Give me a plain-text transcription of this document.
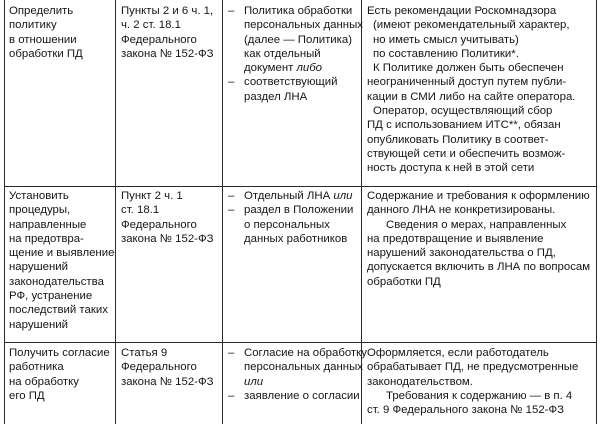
Определить
политику
в отношении
обработки ПД
Пункты 2 и 6 ч. 1,
ч. 2 ст. 18.1
Федерального
закона № 152-ФЗ
– Политика обработки
персональных данных
(далее — Политика)
как отдельный
документ либо
– соответствующий
раздел ЛНА
Есть рекомендации Роскомнадзора
(имеют рекомендательный характер,
но иметь смысл учитывать)
по составлению Политики*.
К Политике должен быть обеспечен
неограниченный доступ путем публи-
кации в СМИ либо на сайте оператора.
Оператор, осуществляющий сбор
ПД с использованием ИТС**, обязан
опубликовать Политику в соответ-
ствующей сети и обеспечить возмож-
ность доступа к ней в этой сети
Установить
процедуры,
направленные
на предотвра-
щение и выявление
нарушений
законодательства
РФ, устранение
последствий таких
нарушений
Пункт 2 ч. 1
ст. 18.1
Федерального
закона № 152-ФЗ
– Отдельный ЛНА или
– раздел в Положении
о персональных
данных работников
Содержание и требования к оформлению
данного ЛНА не конкретизированы.
Сведения о мерах, направленных
на предотвращение и выявление
нарушений законодательства о ПД,
допускается включить в ЛНА по вопросам
обработки ПД
Получить согласие
работника
на обработку
его ПД
Статья 9
Федерального
закона № 152-ФЗ
– Согласие на обработку
персональных данных
или
– заявление о согласии
Оформляется, если работодатель
обрабатывает ПД, не предусмотренные
законодательством.
Требования к содержанию — в п. 4
ст. 9 Федерального закона № 152-ФЗ
